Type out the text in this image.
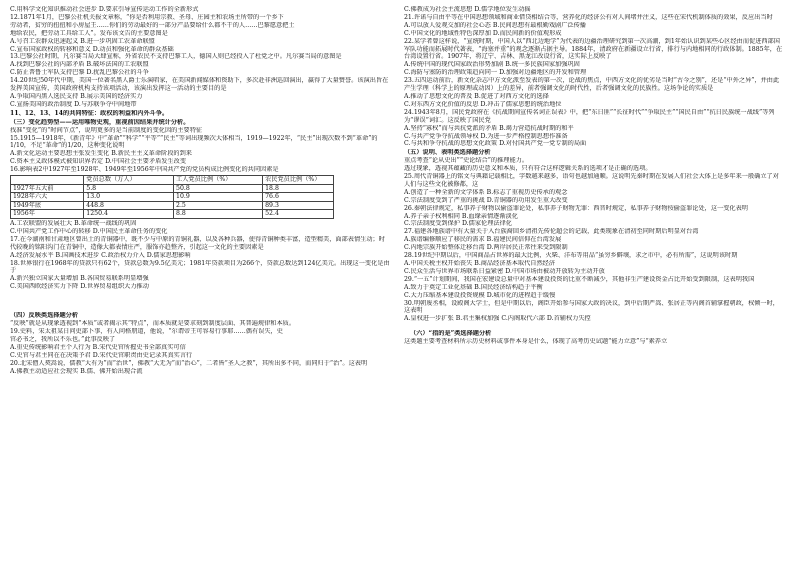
C.用科学文化知识推动社会进步 D.要求引导宣传运动工作的全新形式
12.1871年1月，巴黎公社机关报文章称，“你是否利用宗教、圣母、庄园主和农场主所带的一个乡下
劳动者，贫穷的扭扭和小房屋王……你们的劳动最好的一部分产品要给什么都不干的人……巴黎愿意把土
地给农民，把劳动工具给工人”。发布该文告的主要意图是
A.号召工农群众迅速起义 B.进一步巩固工农革命联盟
C.宣布国家政权的转移和意义 D.动员和强化革命的群众基础
13.巴黎公社时期，凡尔赛当局大肆宣称，外省农民不支持巴黎工人，德国人则已经投入了杜党之中。凡尔赛当局的意图是
A.找到巴黎公社的内部矛盾 B.破坏法国的工农联盟
C.防止普鲁士军队支持巴黎 D.扰乱巴黎公社的斗争
14.20世纪50年代中期，美国一位著名黑人爵士乐演唱家，在美国新闻媒体和资助下，多次赴非洲巡回演出，赢得了大量赞誉。该演出旨在发挥美国宣传，美国政府机构支持该项活动，该演出发挥这一活动的主要目的是
A.争取国内黑人选民支持 B.展示美国的经济实力
C.宣扬美国的政治制度 D.与苏联争夺中间地带
11、12、13、14的共同特征：政权的利益和内外斗争。
（三）变化趋势型——运用唯物史观，重视前因结果并统计分析。
找准“变化”的“时间节点”，说明更多的是当前制度的变化因的主要特征
15.1915—1918年，《新青年》中“革命”“科学”“平等”“民主”等词出现频次大体相当，1919—1922年，“民主”出现次数不到“革命”的1/10，不足“革命”的1/20，这种变化说明
A.新文化运动主要思想主张发生变化 B.新民主主义革命阶段的到来
C.资本主义政体模式被知识界否定 D.中国社会主要矛盾发生改变
16.影响表2中1927年至1928年、1949年至1956年中国共产党的党员构成比例变化的共同因素是
	党员总数（万人）	工人党员比例（%）	农民党员比例（%）
1927年五大前	5.8	50.8	18.8
1928年六大	13.0	10.9	76.6
1949年底	448.8	2.5	89.3
1956年	1250.4	8.8	52.4
A.工农联盟的发展壮大 B.革命统一战线的巩固
C.中国共产党工作中心的转移 D.中国民主革命任务的变化
17.在今湖南和甘肃地区曾出土的青铜器中，既不少与中原的青铜礼器，以及各种兵器，使得青铜种类丰富，造型精美，面部表情生动；时代较晚的铭阳沟门在青铜中，造像大都表情庄严，服饰亦趋整齐，引起这一文化的主要因素是
A.经济发展水平 B.国画技术进步 C.政治权力介入 D.儒家思想影响
18.世界银行在1968年的贷款只有62个，贷款总数为9.5亿美元；1981年贷款项目为266个，贷款总数达到124亿美元。出现这一变化是由于
A.新兴独立国家大量增加 B.各国贸易联系明显增强
C.美国西欧经济实力下降 D.世界贸易组织大力推动
（四）反映类选择题分析
“反映”就是从现象透视到“本质”或者揭示其“特点”，而本质就是要求刻到制度层面、其普遍规律和本质。
19.史料，宋太祖某日问吏部卜事，有人问格朋道，他说，“尔谓帝王可容易行事耶……偶有误失，史
官必书之，我所以不乐也。”此事反映了
A.重史传统影响君主个人行为 B.宋代史官所握史书全部真实可信
C.史官与君主同在在决策予君 D.宋代史官职责由史记录其真实言行
20.北宋僧人契嵩说，儒教“大有为”而“治世”，佛教“大无为”而“治心”，二者皆“圣人之教”，其所出多不同，而同归于“治”。这表明
A.佛教主动适应社会现实 B.儒、佛开始出现合流
C.佛教成为社会主流思想 D.儒学地位发生动摇
21.许诺与自由平等在中国思想领域和商业借贷相结合等，营养化的经济公有对人间堵井注义，这些在宋代机制体质的效果，反应出当时
A.可以放人爱观交加的社会心态 B.民间思想有最根勤戏剧广泛传播
C.中国文化的地域性特色深厚加 D.而民间新的价值观形成
22.某学者曾这样说，“宣统时期，中国人以“西北边地学”为代表的边疆治理研究到第一次高潮，到1年始认识到某些心区经由而促进西部国军队功能而拓展时代著表，“海塞并重”的观念逐渐占据主导。1884年，清政府在新疆设立行省，排行与内地相同的行政体制。1885年，在台湾设置行省。1907年，将辽宁、吉林、黑龙江改设行省，这实际上反映了
A.传统中国的现代国家政治形势加剧 B.统一多民族国家加强巩固
C.海防与塞防的治理政策趋向同一 D.加强对边疆地区的开发和管理
23.五四运动前后，新文化杂志中方文化派至发表的第一次，论战的焦点，中西方文化的优劣是当时“古今之别”，还是“中外之异”，并由此产生学理（科学上的原理或动因）上的差异，前者强调文化的时代性，后者强调文化的民族性。这场争论的实质是
A.推动了思想文化的普及 B.促进了对西方文化的选择
C.对东西方文化价值的反思 D.冲击了儒家思想的统治地位
24.1943年8月，国民党政府在《抗战期间宣传名词正误表》中，把“东日匪”“长征时代”“争取民主”“国民自由”“抗日民族统一战线”等列为“谬误”词汇。这反映了国民党
A.坚持“寡权”而与共抗党派的矛盾 B.竭力营造抗战时期的和平
C.与共产党争夺抗战领导权 D.为进一步严格控制思想作准备
C.与共和争夺抗战的思想文化政策 D.对付国共产党一党专制的局面
（五）说明、表明类选择题分析
重点考查“论从史出”“史论结合”的推理能力。
透过现象，透视其蕴藏的历史意义和本质，只有符合这样逻辑关系的选项才是正确的选项。
25.周代青铜器上的铭文与典籍记载相比，字数越来越多，语句也越加通顺。这说明先秦时期在发展人们社会大体上是多年来一般确立了对人们与这些文化被修都，这
A.创造了一种全新的文学体系 B.标志了重视历史传承的观念
C.宗法制度受到了严重的挑战 D.青铜器的功用发生重大改变
26.秦朝法律规定，私事养子财物以偷盗罪论处，私事养子财物无罪：西晋时规定，私事养子财物按偷盗罪论处，这一变化表明
A.养子亲子权利相同 B.血缘亲情逐渐淡化
C.宗法制度受到保护 D.儒家伦理法律化
27.福建各地族谱中有大量关于入台族裔回乡清祖先传伦超会的记载，此类现象在清初至同时期后明显对台湾
A.族谱编修顺应了移民的需求 B.福建民间信仰在台湾发展
C.内地宗族开始整体迁移台湾 D.两岸居民正常往来受到限制
28.19世纪中期以后，中国商品占世界的最大比例，火柴、洋布等用品“虽穷乡僻壤，求之市中，必有所需”，这说明该时期
A.中国关税主权开始丧失 B.商品经济基本取代自然经济
C.民众生活与世界市场联系日益紧密 D.中国市场由被动开放转为主动开放
29.“一五”计划期间，我国在宏建设总量中对基本建设投资的比重不断减少，其他非生产建设资金占比开始受到限制，这表明我国
A.致力于奠定工业化基础 B.国民经济结构趋于平衡
C.大力压缩基本建设投资规模 D.城市化的进程趋于缓慢
30.明朝废丞相，设殿阁大学士，但是中期以后，阁臣开始参与国家大政的决议，到中后期严嵩、张居正等内阁首辅掌握朝政，权倾一时，这表明
A.皇权进一步扩张 B.君主集权加强 C.内阁取代六部 D.首辅权力失控
（六）“指的是”类选择题分析
这类题主要考查材料所示历史材料或事件本身是什么，体现了高考历史试题“能力立意”与“素养立
